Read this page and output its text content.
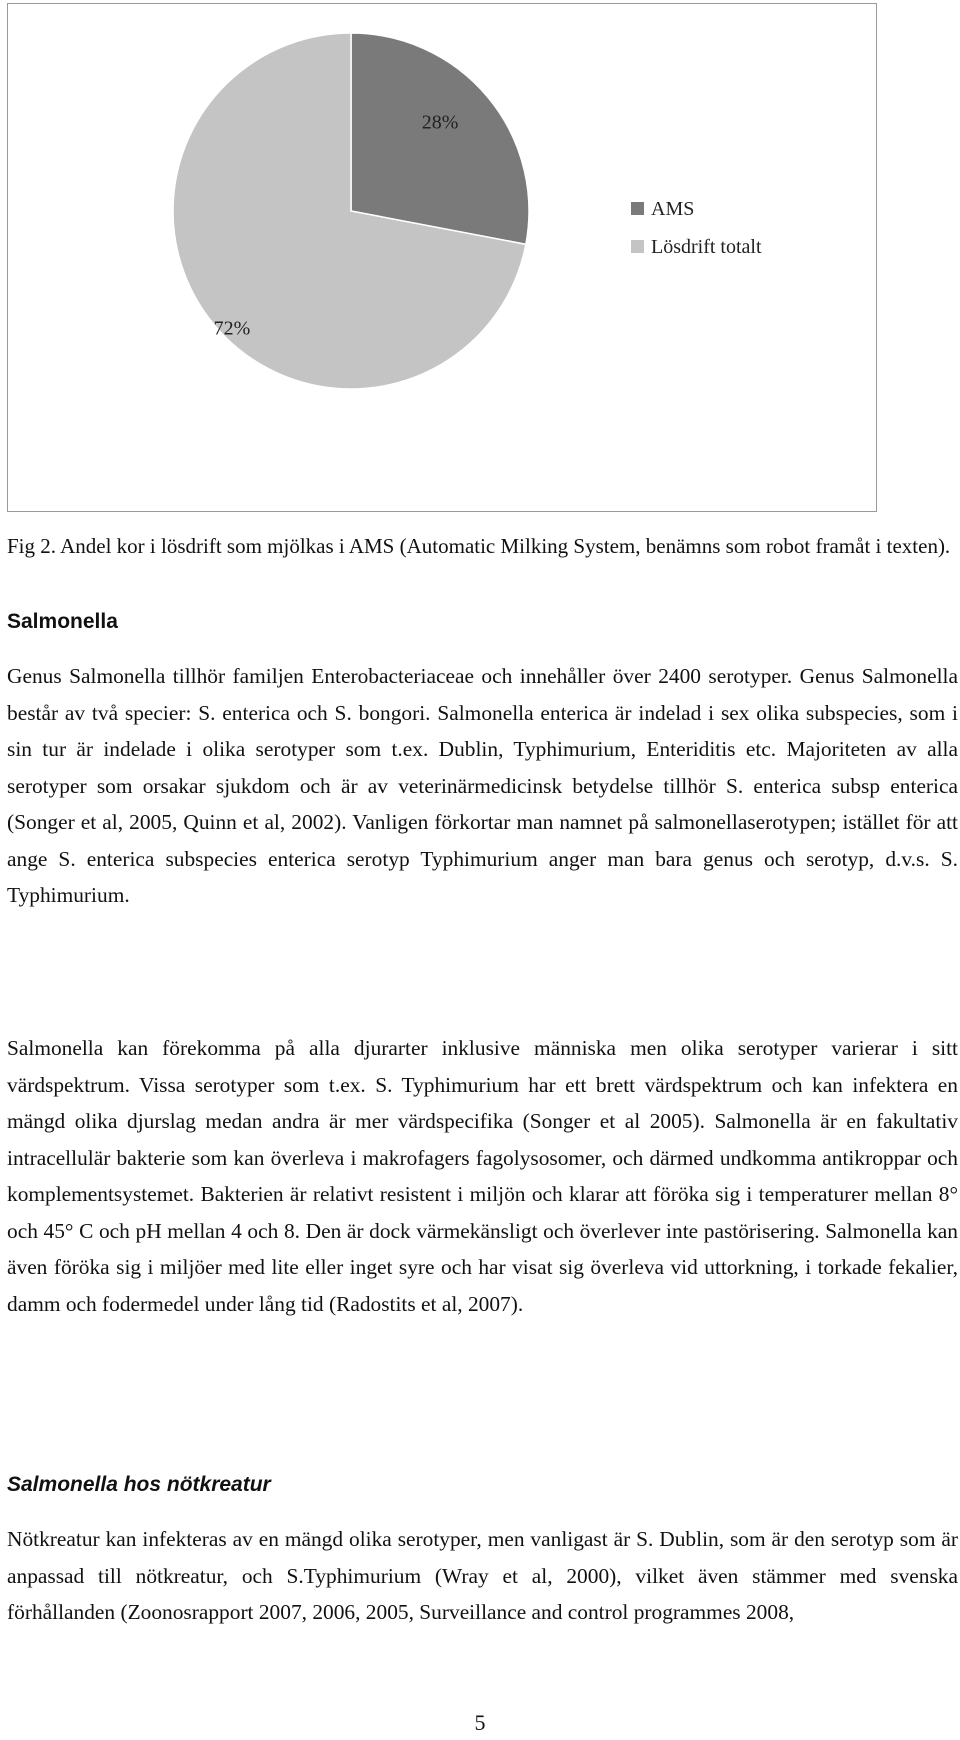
28%
72%
AMS
Lösdrift totalt
Fig 2. Andel kor i lösdrift som mjölkas i AMS (Automatic Milking System, benämns som robot framåt i texten).
Salmonella

Genus Salmonella tillhör familjen Enterobacteriaceae och innehåller över 2400 serotyper. Genus Salmonella består av två specier: S. enterica och S. bongori. Salmonella enterica är indelad i sex olika subspecies, som i sin tur är indelade i olika serotyper som t.ex. Dublin, Typhimurium, Enteriditis etc. Majoriteten av alla serotyper som orsakar sjukdom och är av veterinärmedicinsk betydelse tillhör S. enterica subsp enterica (Songer et al, 2005, Quinn et al, 2002). Vanligen förkortar man namnet på salmonellaserotypen; istället för att ange S. enterica subspecies enterica serotyp Typhimurium anger man bara genus och serotyp, d.v.s. S. Typhimurium.

Salmonella kan förekomma på alla djurarter inklusive människa men olika serotyper varierar i sitt värdspektrum. Vissa serotyper som t.ex. S. Typhimurium har ett brett värdspektrum och kan infektera en mängd olika djurslag medan andra är mer värdspecifika (Songer et al 2005). Salmonella är en fakultativ intracellulär bakterie som kan överleva i makrofagers fagolysosomer, och därmed undkomma antikroppar och komplementsystemet. Bakterien är relativt resistent i miljön och klarar att föröka sig i temperaturer mellan 8° och 45° C och pH mellan 4 och 8. Den är dock värmekänsligt och överlever inte pastörisering. Salmonella kan även föröka sig i miljöer med lite eller inget syre och har visat sig överleva vid uttorkning, i torkade fekalier, damm och fodermedel under lång tid (Radostits et al, 2007).

Salmonella hos nötkreatur

Nötkreatur kan infekteras av en mängd olika serotyper, men vanligast är S. Dublin, som är den serotyp som är anpassad till nötkreatur, och S.Typhimurium (Wray et al, 2000), vilket även stämmer med svenska förhållanden (Zoonosrapport 2007, 2006, 2005, Surveillance and control programmes 2008,

5
